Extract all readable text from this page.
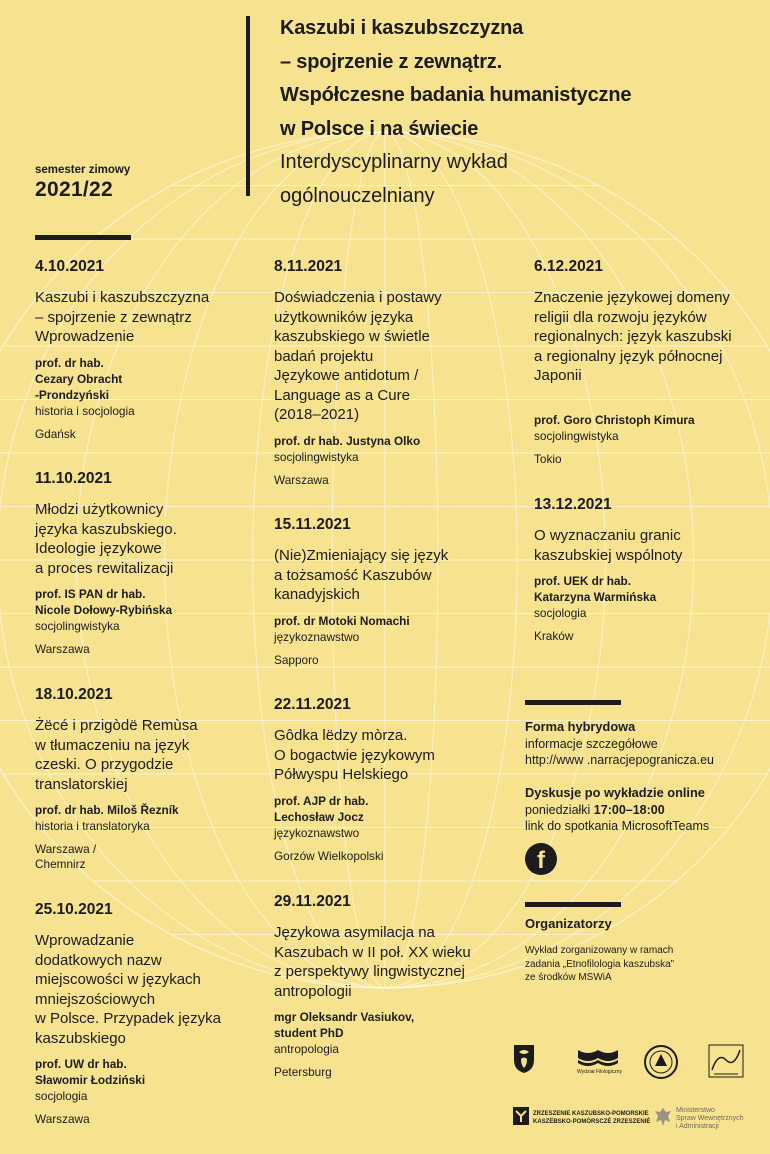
Kaszubi i kaszubszczyzna
– spojrzenie z zewnątrz.
Współczesne badania humanistyczne
w Polsce i na świecie
Interdyscyplinarny wykład
ogólnouczelniany
semester zimowy
2021/22
4.10.2021
Kaszubi i kaszubszczyzna
– spojrzenie z zewnątrz
Wprowadzenie
prof. dr hab.
Cezary Obracht
-Prondzyński
historia i socjologia
Gdańsk
11.10.2021
Młodzi użytkownicy
języka kaszubskiego.
Ideologie językowe
a proces rewitalizacji
prof. IS PAN dr hab.
Nicole Dołowy-Rybińska
socjolingwistyka
Warszawa
18.10.2021
Żëcé i przigòdë Remùsa
w tłumaczeniu na język
czeski. O przygodzie
translatorskiej
prof. dr hab. Miloš Řezník
historia i translatoryka
Warszawa /
Chemnirz
25.10.2021
Wprowadzanie
dodatkowych nazw
miejscowości w językach
mniejszościowych
w Polsce. Przypadek języka
kaszubskiego
prof. UW dr hab.
Sławomir Łodziński
socjologia
Warszawa
8.11.2021
Doświadczenia i postawy
użytkowników języka
kaszubskiego w świetle
badań projektu
Językowe antidotum /
Language as a Cure
(2018–2021)
prof. dr hab. Justyna Olko
socjolingwistyka
Warszawa
15.11.2021
(Nie)Zmieniający się język
a tożsamość Kaszubów
kanadyjskich
prof. dr Motoki Nomachi
językoznawstwo
Sapporo
22.11.2021
Gôdka lëdzy mòrza.
O bogactwie językowym
Półwyspu Helskiego
prof. AJP dr hab.
Lechosław Jocz
językoznawstwo
Gorzów Wielkopolski
29.11.2021
Językowa asymilacja na
Kaszubach w II poł. XX wieku
z perspektywy lingwistycznej
antropologii
mgr Oleksandr Vasiukov,
student PhD
antropologia
Petersburg
6.12.2021
Znaczenie językowej domeny
religii dla rozwoju języków
regionalnych: język kaszubski
a regionalny język północnej
Japonii
prof. Goro Christoph Kimura
socjolingwistyka
Tokio
13.12.2021
O wyznaczaniu granic
kaszubskiej wspólnoty
prof. UEK dr hab.
Katarzyna Warmińska
socjologia
Kraków
Forma hybrydowa
informacje szczegółowe
http://www .narracjepogranicza.eu
Dyskusje po wykładzie online
poniedziałki 17:00–18:00
link do spotkania MicrosoftTeams
f
Organizatorzy
Wykład zorganizowany w ramach
zadania „Etnofilologia kaszubska”
ze środków MSWiA
Wydział Filologiczny
ZRZESZENIE KASZUBSKO-POMORSKIE
KASZËBSKO-POMÒRSCZÉ ZRZESZENIÉ
Ministerstwo
Spraw Wewnętrznych
i Administracji
